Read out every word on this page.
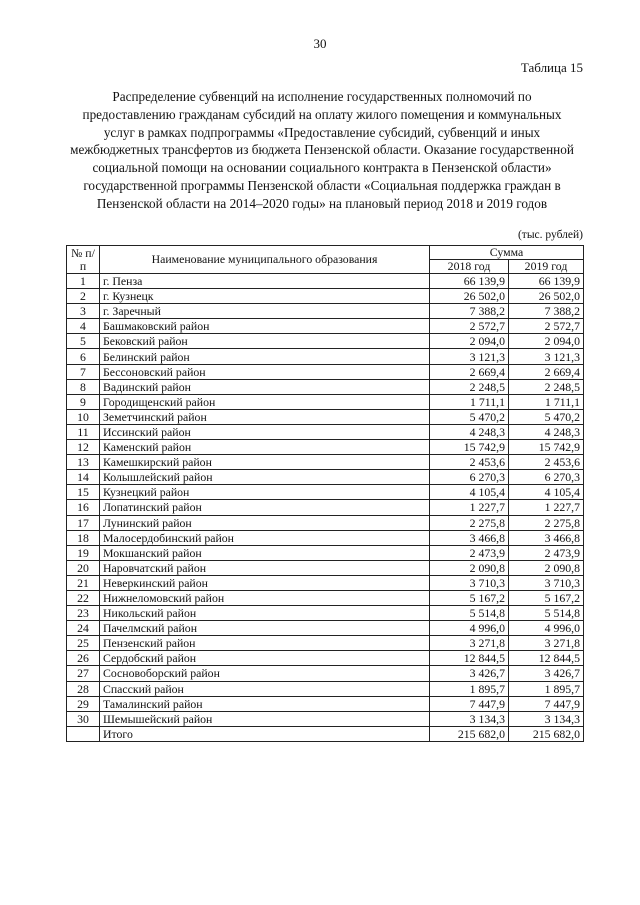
30
Таблица 15
Распределение субвенций на исполнение государственных полномочий по предоставлению гражданам субсидий на оплату жилого помещения и коммунальных услуг в рамках подпрограммы «Предоставление субсидий, субвенций и иных межбюджетных трансфертов из бюджета Пензенской области. Оказание государственной социальной помощи на основании социального контракта в Пензенской области» государственной программы Пензенской области «Социальная поддержка граждан в Пензенской области на 2014–2020 годы» на плановый период 2018 и 2019 годов
(тыс. рублей)
№ п/п	Наименование муниципального образования	Сумма	
		2018 год	2019 год
1	г. Пенза	66 139,9	66 139,9
2	г. Кузнецк	26 502,0	26 502,0
3	г. Заречный	7 388,2	7 388,2
4	Башмаковский район	2 572,7	2 572,7
5	Бековский район	2 094,0	2 094,0
6	Белинский район	3 121,3	3 121,3
7	Бессоновский район	2 669,4	2 669,4
8	Вадинский район	2 248,5	2 248,5
9	Городищенский район	1 711,1	1 711,1
10	Земетчинский район	5 470,2	5 470,2
11	Иссинский район	4 248,3	4 248,3
12	Каменский район	15 742,9	15 742,9
13	Камешкирский район	2 453,6	2 453,6
14	Колышлейский район	6 270,3	6 270,3
15	Кузнецкий район	4 105,4	4 105,4
16	Лопатинский район	1 227,7	1 227,7
17	Лунинский район	2 275,8	2 275,8
18	Малосердобинский район	3 466,8	3 466,8
19	Мокшанский район	2 473,9	2 473,9
20	Наровчатский район	2 090,8	2 090,8
21	Неверкинский район	3 710,3	3 710,3
22	Нижнеломовский район	5 167,2	5 167,2
23	Никольский район	5 514,8	5 514,8
24	Пачелмский район	4 996,0	4 996,0
25	Пензенский район	3 271,8	3 271,8
26	Сердобский район	12 844,5	12 844,5
27	Сосновоборский район	3 426,7	3 426,7
28	Спасский район	1 895,7	1 895,7
29	Тамалинский район	7 447,9	7 447,9
30	Шемышейский район	3 134,3	3 134,3
	Итого	215 682,0	215 682,0
